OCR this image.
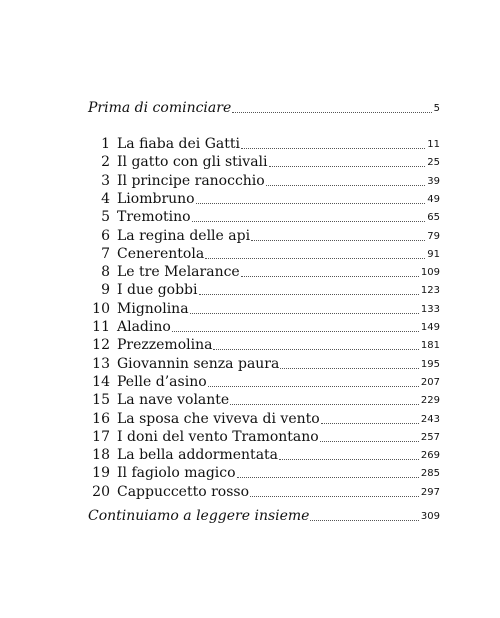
Prima di cominciare	5
1 La fiaba dei Gatti	11
2 Il gatto con gli stivali	25
3 Il principe ranocchio	39
4 Liombruno	49
5 Tremotino	65
6 La regina delle api	79
7 Cenerentola	91
8 Le tre Melarance	109
9 I due gobbi	123
10 Mignolina	133
11 Aladino	149
12 Prezzemolina	181
13 Giovannin senza paura	195
14 Pelle d’asino	207
15 La nave volante	229
16 La sposa che viveva di vento	243
17 I doni del vento Tramontano	257
18 La bella addormentata	269
19 Il fagiolo magico	285
20 Cappuccetto rosso	297
Continuiamo a leggere insieme	309
